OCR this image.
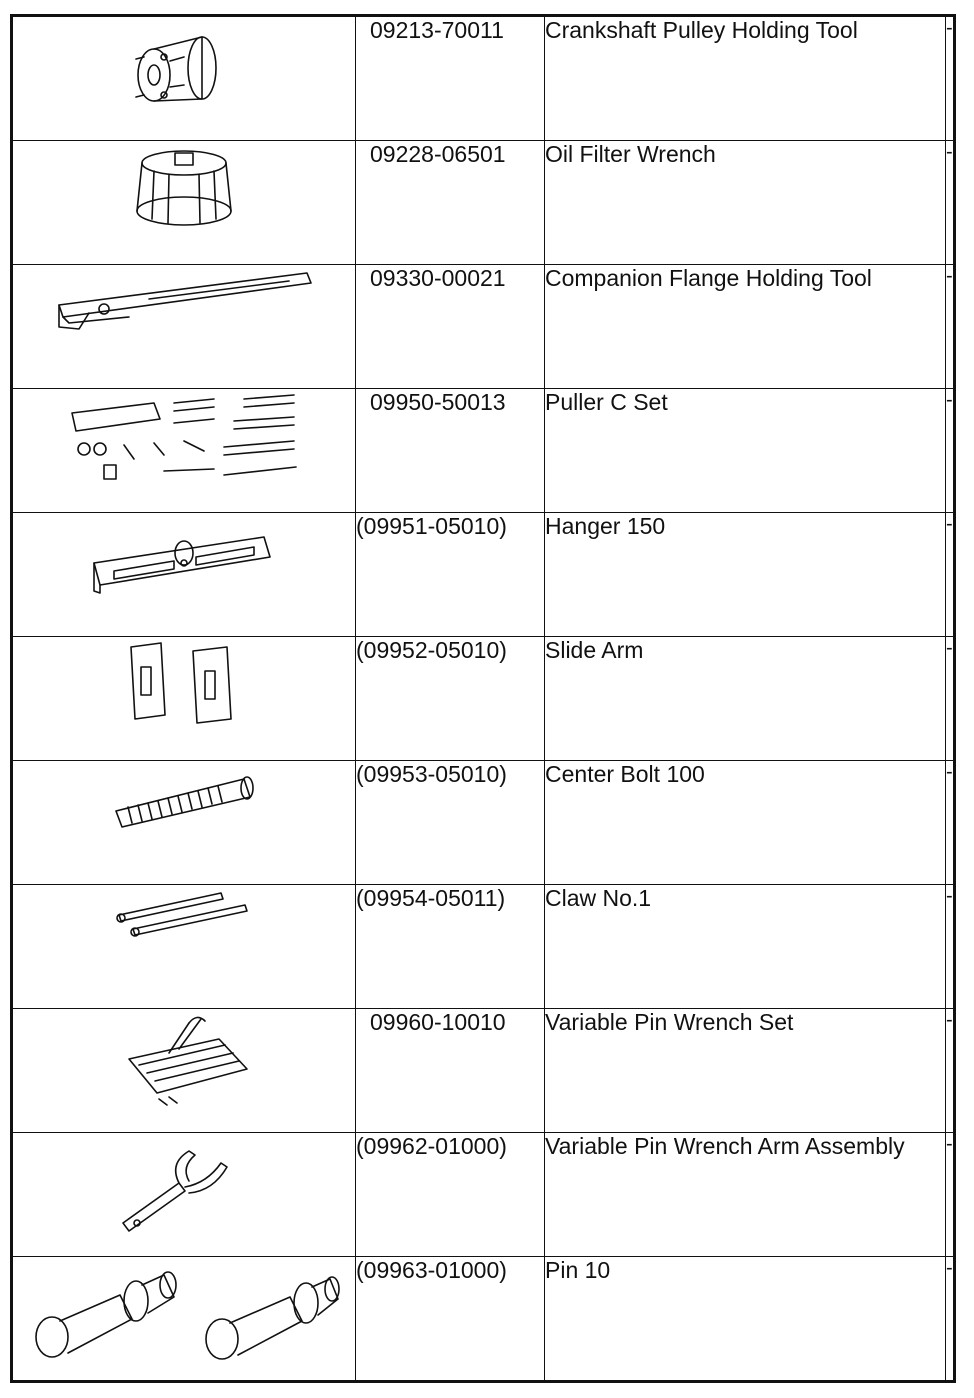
	09213-70011	Crankshaft Pulley Holding Tool	-

	09228-06501	Oil Filter Wrench	-

	09330-00021	Companion Flange Holding Tool	-

	09950-50013	Puller C Set	-

	(09951-05010)	Hanger 150	-

	(09952-05010)	Slide Arm	-

	(09953-05010)	Center Bolt 100	-

	(09954-05011)	Claw No.1	-

	09960-10010	Variable Pin Wrench Set	-

	(09962-01000)	Variable Pin Wrench Arm Assembly	-

	(09963-01000)	Pin 10	-
